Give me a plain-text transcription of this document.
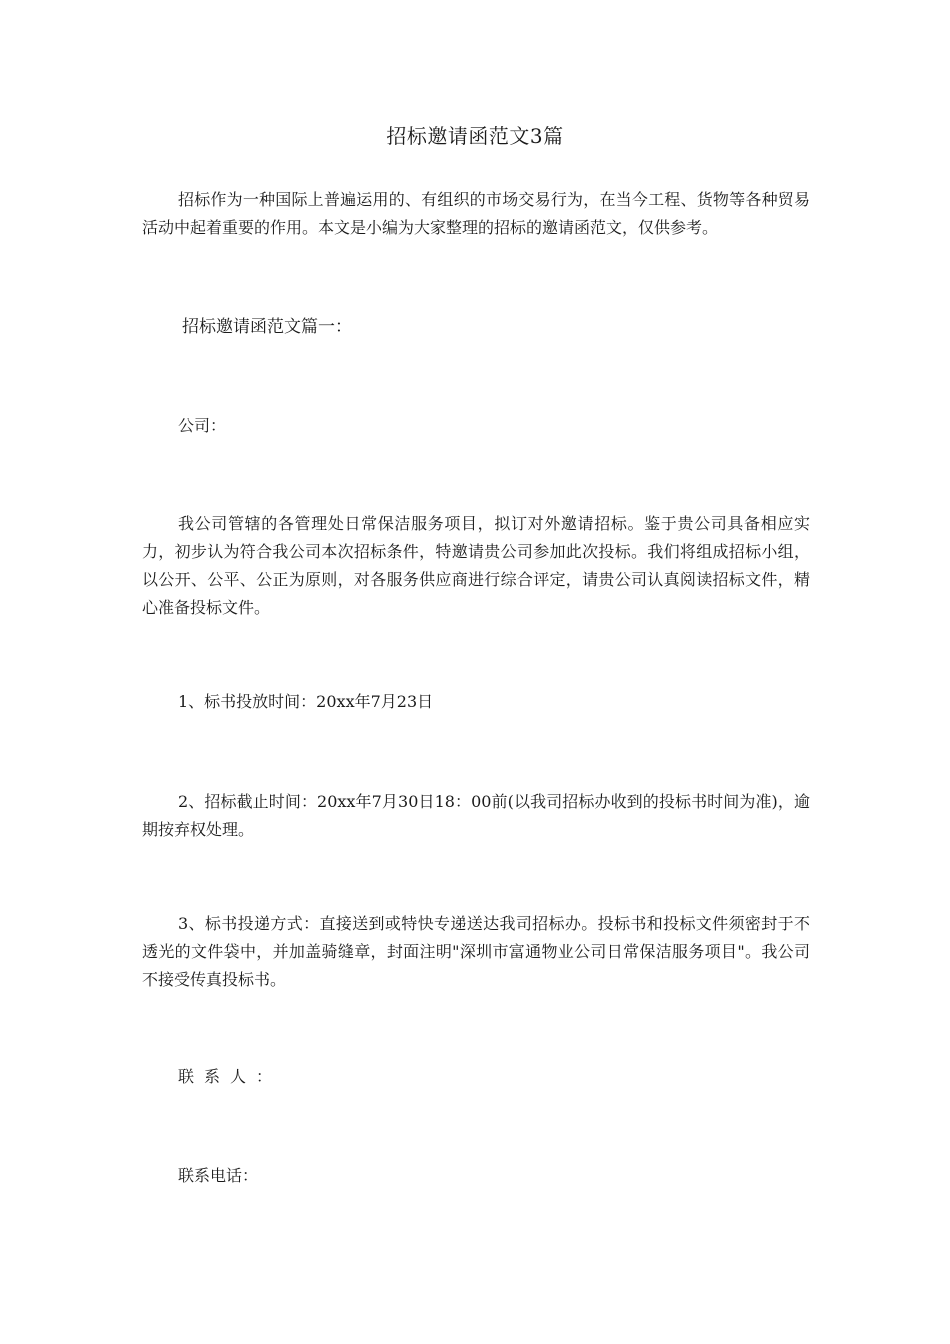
招标邀请函范文3篇

招标作为一种国际上普遍运用的、有组织的市场交易行为，在当今工程、货物等各种贸易活动中起着重要的作用。本文是小编为大家整理的招标的邀请函范文，仅供参考。

招标邀请函范文篇一：

公司：

我公司管辖的各管理处日常保洁服务项目，拟订对外邀请招标。鉴于贵公司具备相应实力，初步认为符合我公司本次招标条件，特邀请贵公司参加此次投标。我们将组成招标小组，以公开、公平、公正为原则，对各服务供应商进行综合评定，请贵公司认真阅读招标文件，精心准备投标文件。

1、标书投放时间：20xx年7月23日

2、招标截止时间：20xx年7月30日18：00前(以我司招标办收到的投标书时间为准)，逾期按弃权处理。

3、标书投递方式：直接送到或特快专递送达我司招标办。投标书和投标文件须密封于不透光的文件袋中，并加盖骑缝章，封面注明"深圳市富通物业公司日常保洁服务项目"。我公司不接受传真投标书。

联系人：

联系电话：
